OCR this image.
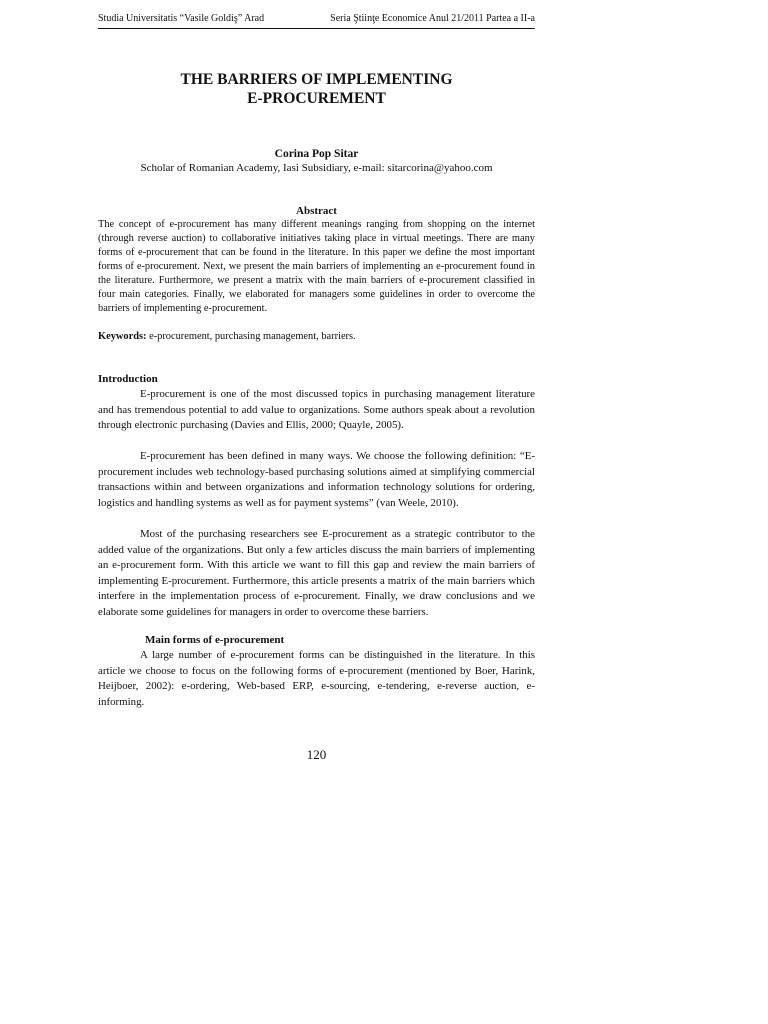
Studia Universitatis “Vasile Goldiş” Arad	Seria Ştiinţe Economice Anul 21/2011 Partea a II-a
THE BARRIERS OF IMPLEMENTING
E-PROCUREMENT
Corina Pop Sitar
Scholar of Romanian Academy, Iasi Subsidiary, e-mail: sitarcorina@yahoo.com
Abstract

The concept of e-procurement has many different meanings ranging from shopping on the internet (through reverse auction) to collaborative initiatives taking place in virtual meetings. There are many forms of e-procurement that can be found in the literature. In this paper we define the most important forms of e-procurement. Next, we present the main barriers of implementing an e-procurement found in the literature. Furthermore, we present a matrix with the main barriers of e-procurement classified in four main categories. Finally, we elaborated for managers some guidelines in order to overcome the barriers of implementing e-procurement.

Keywords: e-procurement, purchasing management, barriers.

Introduction

E-procurement is one of the most discussed topics in purchasing management literature and has tremendous potential to add value to organizations. Some authors speak about a revolution through electronic purchasing (Davies and Ellis, 2000; Quayle, 2005).

E-procurement has been defined in many ways. We choose the following definition: “E-procurement includes web technology-based purchasing solutions aimed at simplifying commercial transactions within and between organizations and information technology solutions for ordering, logistics and handling systems as well as for payment systems” (van Weele, 2010).

Most of the purchasing researchers see E-procurement as a strategic contributor to the added value of the organizations. But only a few articles discuss the main barriers of implementing an e-procurement form. With this article we want to fill this gap and review the main barriers of implementing E-procurement. Furthermore, this article presents a matrix of the main barriers which interfere in the implementation process of e-procurement. Finally, we draw conclusions and we elaborate some guidelines for managers in order to overcome these barriers.

Main forms of e-procurement

A large number of e-procurement forms can be distinguished in the literature. In this article we choose to focus on the following forms of e-procurement (mentioned by Boer, Harink, Heijboer, 2002): e-ordering, Web-based ERP, e-sourcing, e-tendering, e-reverse auction, e-informing.

120
